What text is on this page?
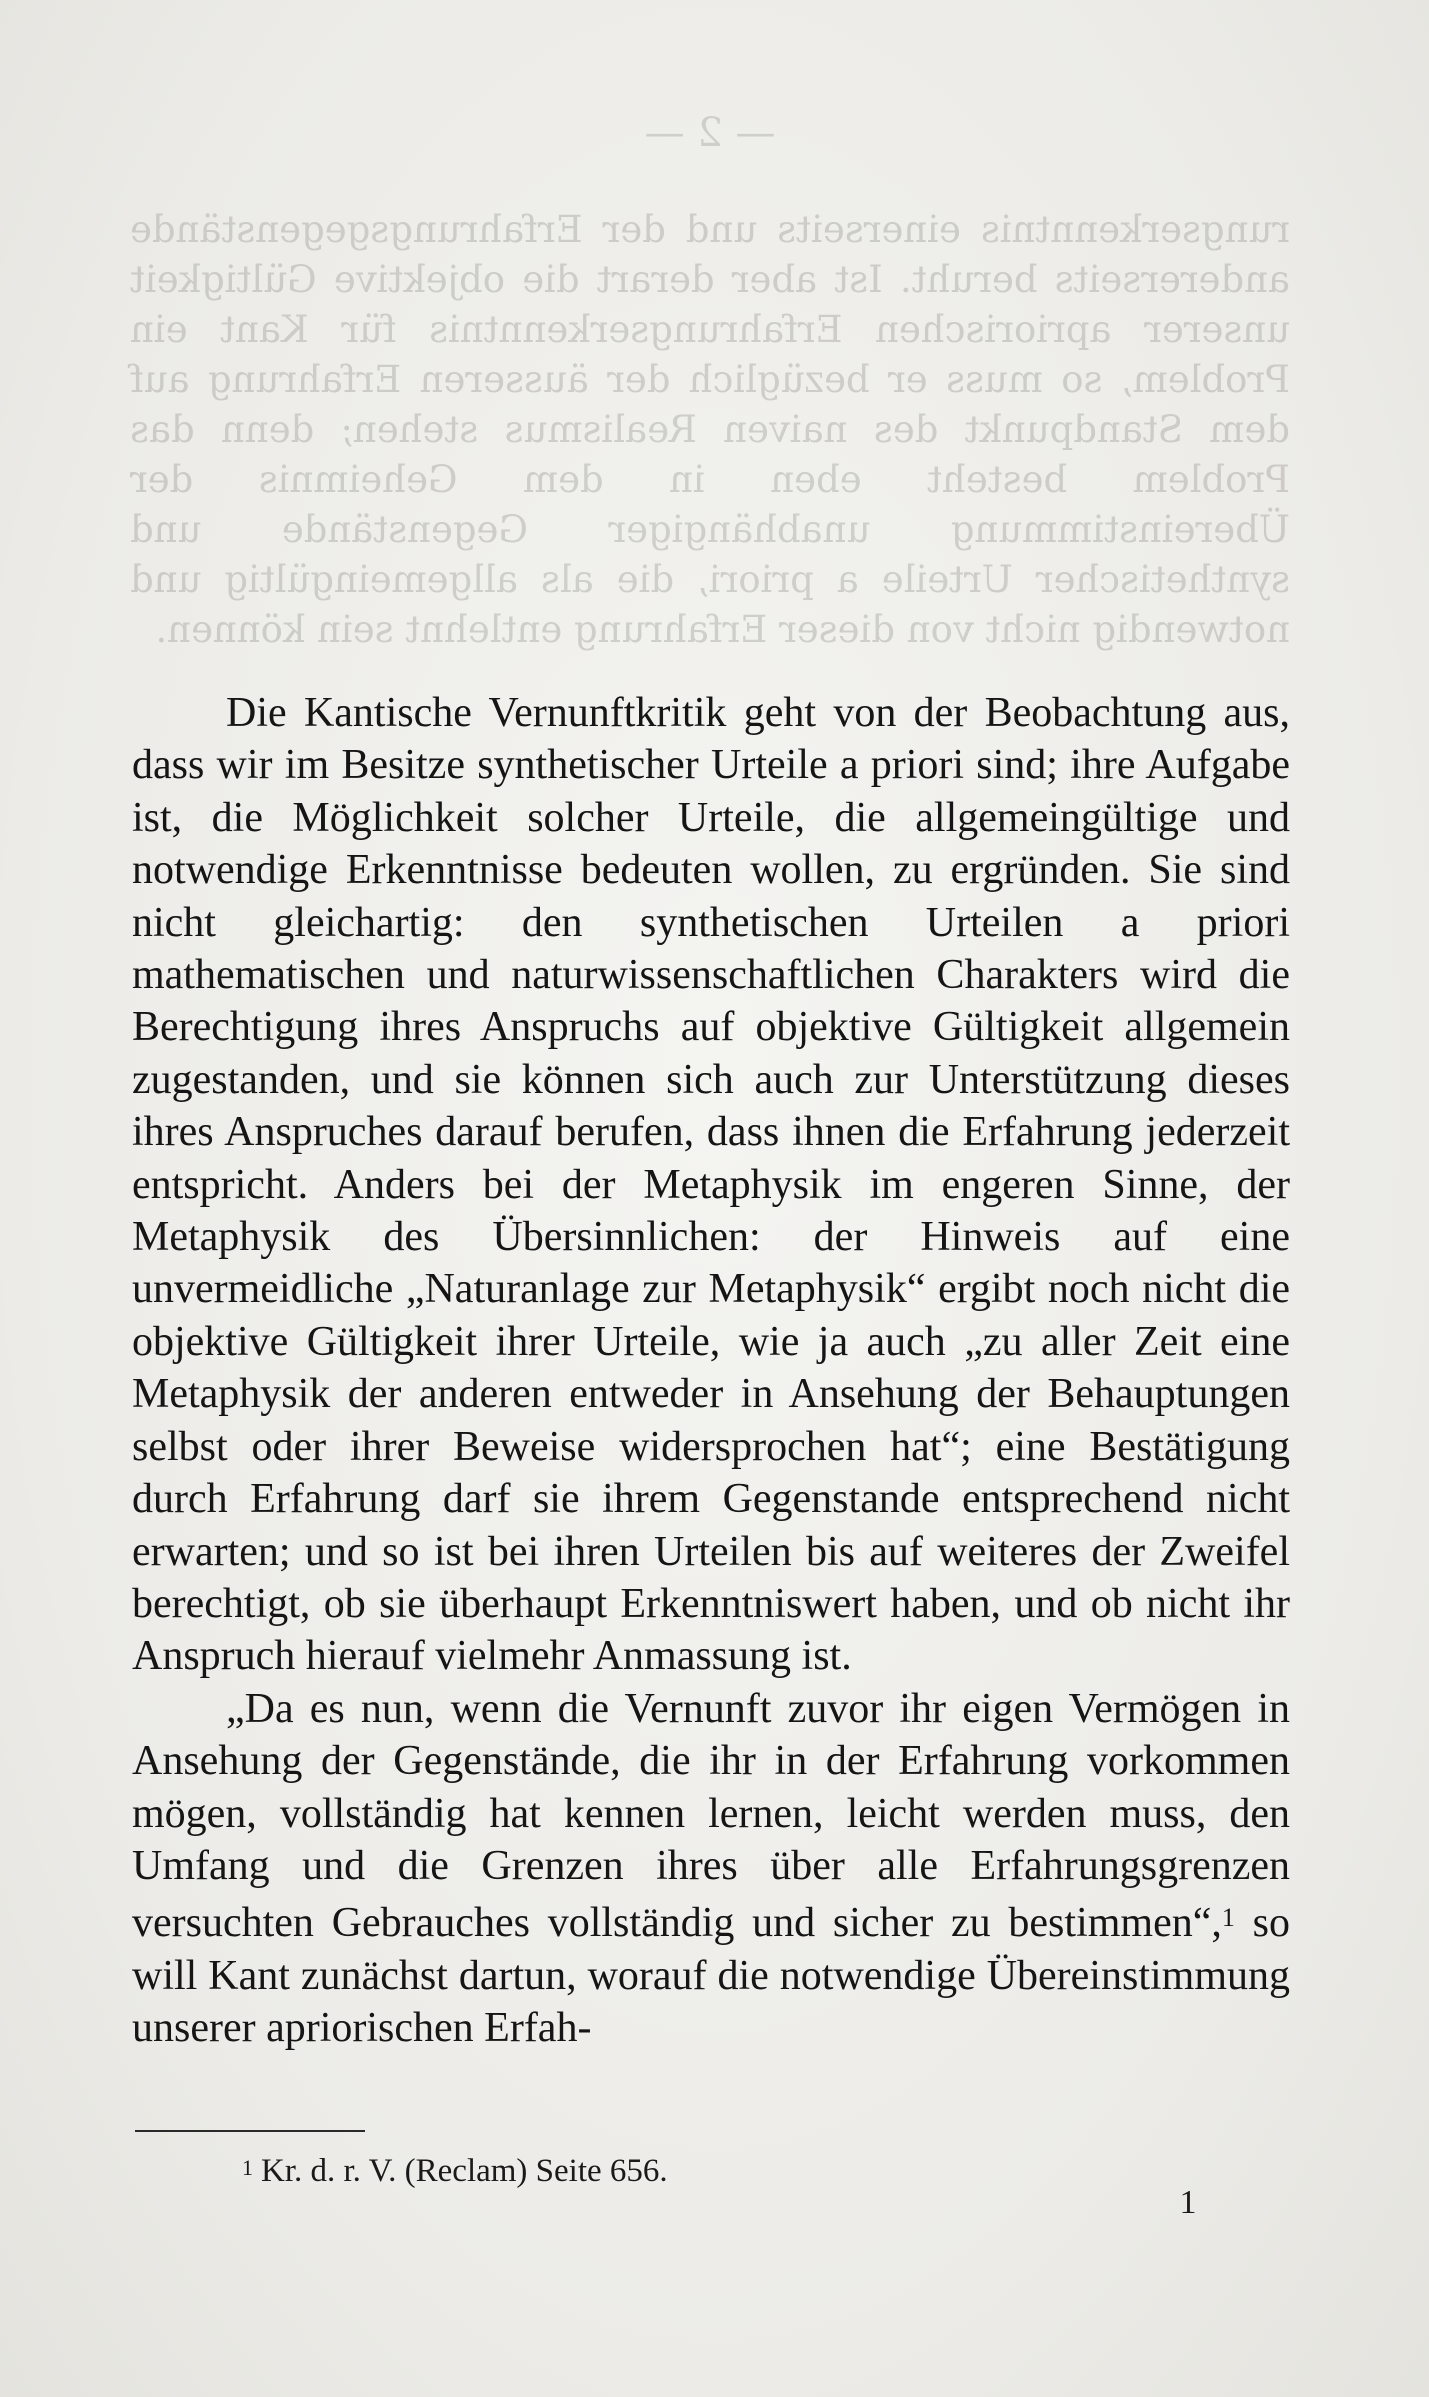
— 2 —
rungserkenntnis einerseits und der Erfahrungsgegenstände andererseits beruht. Ist aber derart die objektive Gültigkeit unserer apriorischen Erfahrungserkenntnis für Kant ein Problem, so muss er bezüglich der äusseren Erfahrung auf dem Standpunkt des naiven Realismus stehen; denn das Problem besteht eben in dem Geheimnis der Übereinstimmung unabhängiger Gegenstände und synthetischer Urteile a priori, die als allgemeingültig und notwendig nicht von dieser Erfahrung entlehnt sein können.

Die Kantische Vernunftkritik geht von der Beobachtung aus, dass wir im Besitze synthetischer Urteile a priori sind; ihre Aufgabe ist, die Möglichkeit solcher Urteile, die allgemeingültige und notwendige Erkenntnisse bedeuten wollen, zu ergründen. Sie sind nicht gleichartig: den synthetischen Urteilen a priori mathematischen und naturwissenschaftlichen Charakters wird die Berechtigung ihres Anspruchs auf objektive Gültigkeit allgemein zugestanden, und sie können sich auch zur Unterstützung dieses ihres Anspruches darauf berufen, dass ihnen die Erfahrung jederzeit entspricht. Anders bei der Metaphysik im engeren Sinne, der Metaphysik des Übersinnlichen: der Hinweis auf eine unvermeidliche „Naturanlage zur Metaphysik“ ergibt noch nicht die objektive Gültigkeit ihrer Urteile, wie ja auch „zu aller Zeit eine Metaphysik der anderen entweder in Ansehung der Behauptungen selbst oder ihrer Beweise widersprochen hat“; eine Bestätigung durch Erfahrung darf sie ihrem Gegenstande entsprechend nicht erwarten; und so ist bei ihren Urteilen bis auf weiteres der Zweifel berechtigt, ob sie überhaupt Erkenntniswert haben, und ob nicht ihr Anspruch hierauf vielmehr Anmassung ist.

„Da es nun, wenn die Vernunft zuvor ihr eigen Vermögen in Ansehung der Gegenstände, die ihr in der Erfahrung vorkommen mögen, vollständig hat kennen lernen, leicht werden muss, den Umfang und die Grenzen ihres über alle Erfahrungsgrenzen versuchten Gebrauches vollständig und sicher zu bestimmen“,$^1$ so will Kant zunächst dartun, worauf die notwendige Übereinstimmung unserer apriorischen Erfah-

$^1$ Kr. d. r. V. (Reclam) Seite 656.
1
